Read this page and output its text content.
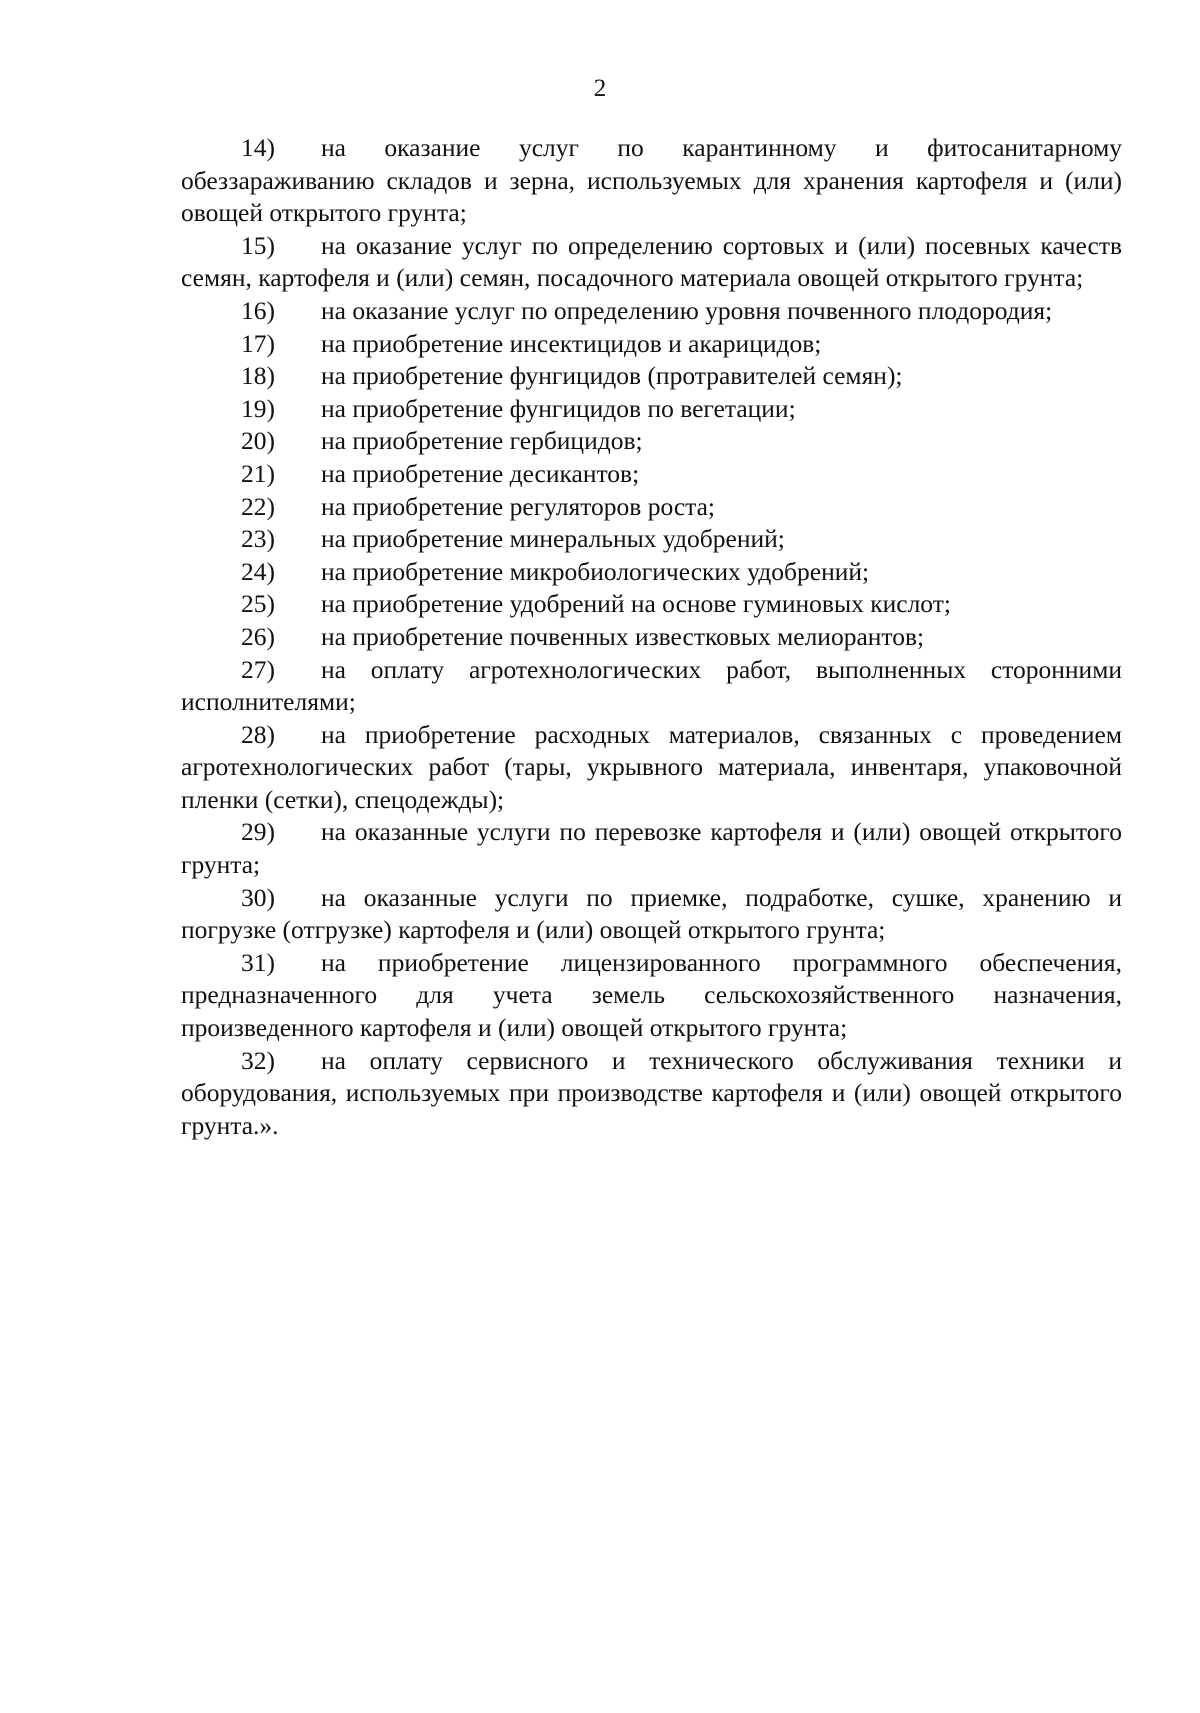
2

14) на оказание услуг по карантинному и фитосанитарному обеззараживанию складов и зерна, используемых для хранения картофеля и (или) овощей открытого грунта;

15) на оказание услуг по определению сортовых и (или) посевных качеств семян, картофеля и (или) семян, посадочного материала овощей открытого грунта;

16) на оказание услуг по определению уровня почвенного плодородия;

17) на приобретение инсектицидов и акарицидов;

18) на приобретение фунгицидов (протравителей семян);

19) на приобретение фунгицидов по вегетации;

20) на приобретение гербицидов;

21) на приобретение десикантов;

22) на приобретение регуляторов роста;

23) на приобретение минеральных удобрений;

24) на приобретение микробиологических удобрений;

25) на приобретение удобрений на основе гуминовых кислот;

26) на приобретение почвенных известковых мелиорантов;

27) на оплату агротехнологических работ, выполненных сторонними исполнителями;

28) на приобретение расходных материалов, связанных с проведением агротехнологических работ (тары, укрывного материала, инвентаря, упаковочной пленки (сетки), спецодежды);

29) на оказанные услуги по перевозке картофеля и (или) овощей открытого грунта;

30) на оказанные услуги по приемке, подработке, сушке, хранению и погрузке (отгрузке) картофеля и (или) овощей открытого грунта;

31) на приобретение лицензированного программного обеспечения, предназначенного для учета земель сельскохозяйственного назначения, произведенного картофеля и (или) овощей открытого грунта;

32) на оплату сервисного и технического обслуживания техники и оборудования, используемых при производстве картофеля и (или) овощей открытого грунта.».
